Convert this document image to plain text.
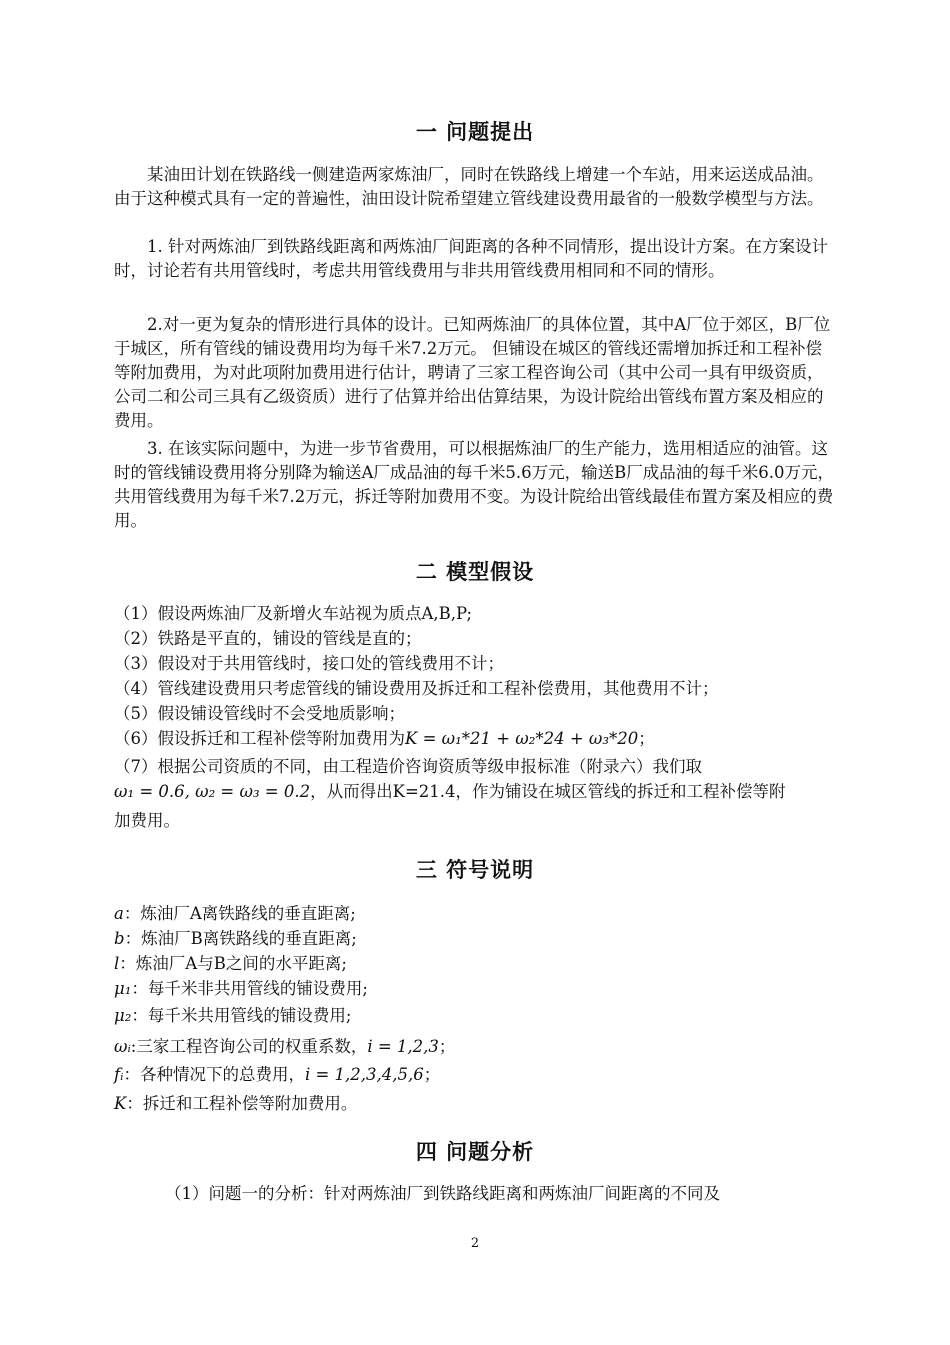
一 问题提出

某油田计划在铁路线一侧建造两家炼油厂，同时在铁路线上增建一个车站，用来运送成品油。由于这种模式具有一定的普遍性，油田设计院希望建立管线建设费用最省的一般数学模型与方法。

1. 针对两炼油厂到铁路线距离和两炼油厂间距离的各种不同情形，提出设计方案。在方案设计时，讨论若有共用管线时，考虑共用管线费用与非共用管线费用相同和不同的情形。

2.对一更为复杂的情形进行具体的设计。已知两炼油厂的具体位置，其中A厂位于郊区，B厂位于城区，所有管线的铺设费用均为每千米7.2万元。 但铺设在城区的管线还需增加拆迁和工程补偿等附加费用，为对此项附加费用进行估计，聘请了三家工程咨询公司（其中公司一具有甲级资质，公司二和公司三具有乙级资质）进行了估算并给出估算结果，为设计院给出管线布置方案及相应的费用。

3. 在该实际问题中，为进一步节省费用，可以根据炼油厂的生产能力，选用相适应的油管。这时的管线铺设费用将分别降为输送A厂成品油的每千米5.6万元，输送B厂成品油的每千米6.0万元，共用管线费用为每千米7.2万元，拆迁等附加费用不变。为设计院给出管线最佳布置方案及相应的费用。

二 模型假设
（1）假设两炼油厂及新增火车站视为质点A,B,P;
（2）铁路是平直的，铺设的管线是直的；
（3）假设对于共用管线时，接口处的管线费用不计；
（4）管线建设费用只考虑管线的铺设费用及拆迁和工程补偿费用，其他费用不计；
（5）假设铺设管线时不会受地质影响；
（6）假设拆迁和工程补偿等附加费用为K = ω₁*21 + ω₂*24 + ω₃*20；
（7）根据公司资质的不同，由工程造价咨询资质等级申报标准（附录六）我们取
ω₁ = 0.6, ω₂ = ω₃ = 0.2，从而得出K=21.4，作为铺设在城区管线的拆迁和工程补偿等附
加费用。
三 符号说明
a：炼油厂A离铁路线的垂直距离;
b：炼油厂B离铁路线的垂直距离;
l：炼油厂A与B之间的水平距离;
μ₁：每千米非共用管线的铺设费用;
μ₂：每千米共用管线的铺设费用;
ωᵢ:三家工程咨询公司的权重系数，i = 1,2,3；
fᵢ：各种情况下的总费用，i = 1,2,3,4,5,6；
K：拆迁和工程补偿等附加费用。
四 问题分析
（1）问题一的分析：针对两炼油厂到铁路线距离和两炼油厂间距离的不同及
2
